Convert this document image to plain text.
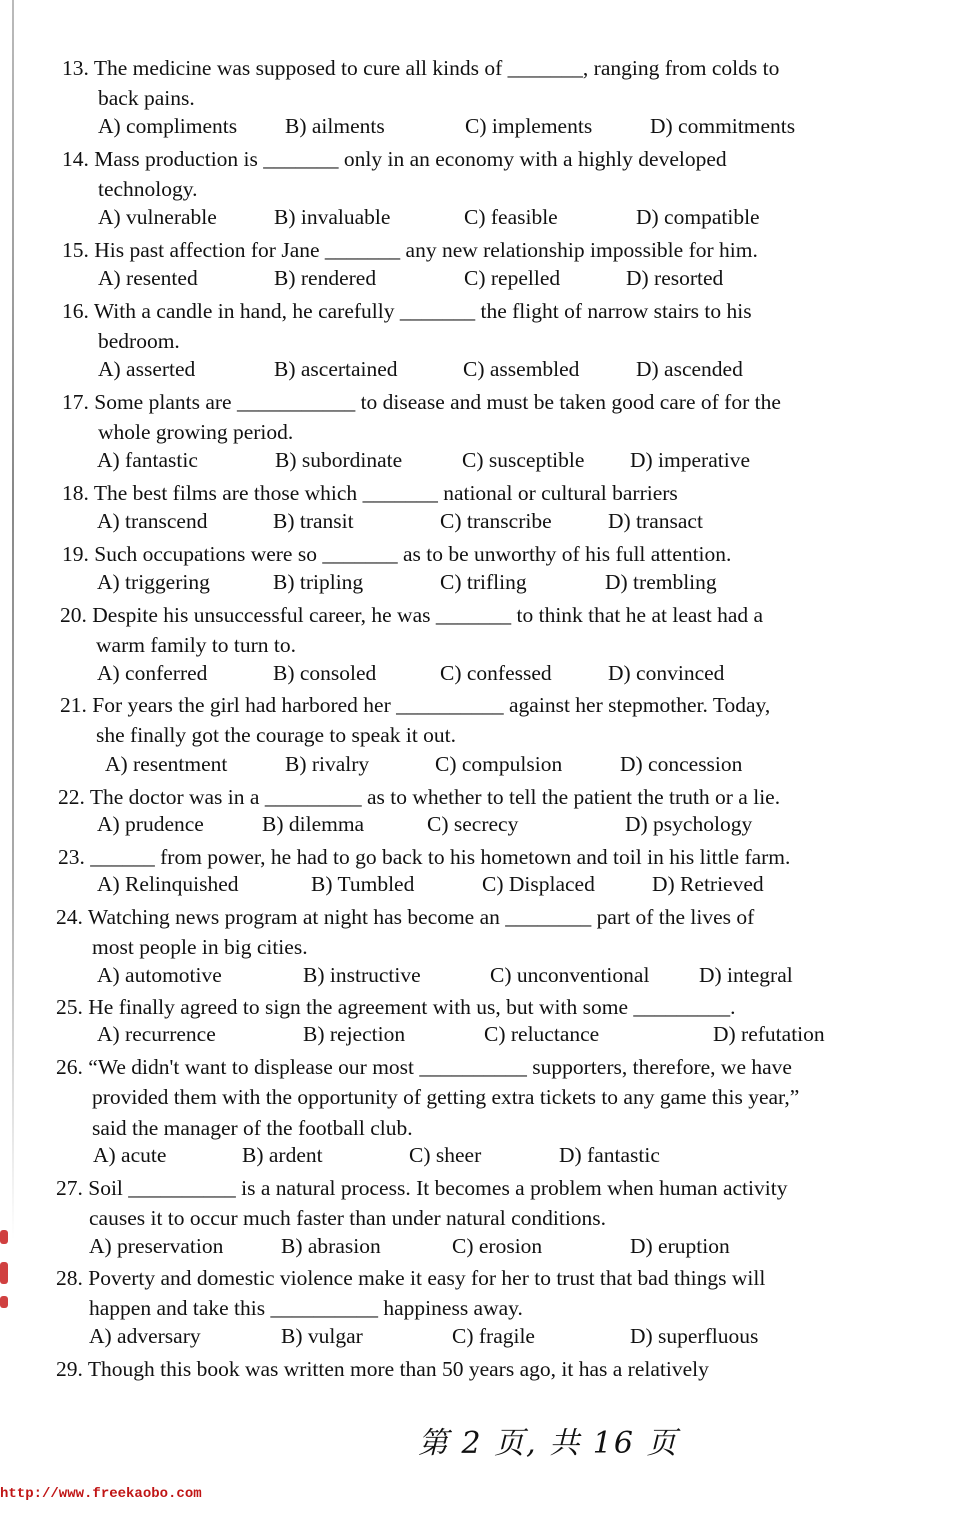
13. The medicine was supposed to cure all kinds of _______, ranging from colds to
back pains.
A) compliments B) ailments	C) implements	D) commitments
14. Mass production is _______ only in an economy with a highly developed
technology.
A) vulnerable	B) invaluable	C) feasible	D) compatible
15. His past affection for Jane _______ any new relationship impossible for him.
A) resented	B) rendered	C) repelled	D) resorted
16. With a candle in hand, he carefully _______ the flight of narrow stairs to his
bedroom.
A) asserted	B) ascertained	C) assembled	D) ascended
17. Some plants are ___________ to disease and must be taken good care of for the
whole growing period.
A) fantastic	B) subordinate	C) susceptible D) imperative
18. The best films are those which _______ national or cultural barriers
A) transcend	B) transit	C) transcribe	D) transact
19. Such occupations were so _______ as to be unworthy of his full attention.
A) triggering	B) tripling	C) trifling	D) trembling
20. Despite his unsuccessful career, he was _______ to think that he at least had a
warm family to turn to.
A) conferred	B) consoled	C) confessed	D) convinced
21. For years the girl had harbored her __________ against her stepmother. Today,
she finally got the courage to speak it out.
A) resentment	B) rivalry	C) compulsion	D) concession
22. The doctor was in a _________ as to whether to tell the patient the truth or a lie.
A) prudence	B) dilemma	C) secrecy	D) psychology
23. ______ from power, he had to go back to his hometown and toil in his little farm.
A) Relinquished	B) Tumbled	C) Displaced	D) Retrieved
24. Watching news program at night has become an ________ part of the lives of
most people in big cities.
A) automotive	B) instructive	C) unconventional D) integral
25. He finally agreed to sign the agreement with us, but with some _________.
A) recurrence	B) rejection	C) reluctance	D) refutation
26. “We didn't want to displease our most __________ supporters, therefore, we have
provided them with the opportunity of getting extra tickets to any game this year,”
said the manager of the football club.
A) acute	B) ardent	C) sheer	D) fantastic
27. Soil __________ is a natural process. It becomes a problem when human activity
causes it to occur much faster than under natural conditions.
A) preservation	B) abrasion	C) erosion	D) eruption
28. Poverty and domestic violence make it easy for her to trust that bad things will
happen and take this __________ happiness away.
A) adversary	B) vulgar	C) fragile	D) superfluous
29. Though this book was written more than 50 years ago, it has a relatively
第 2 页, 共 16 页
http://www.freekaobo.com
